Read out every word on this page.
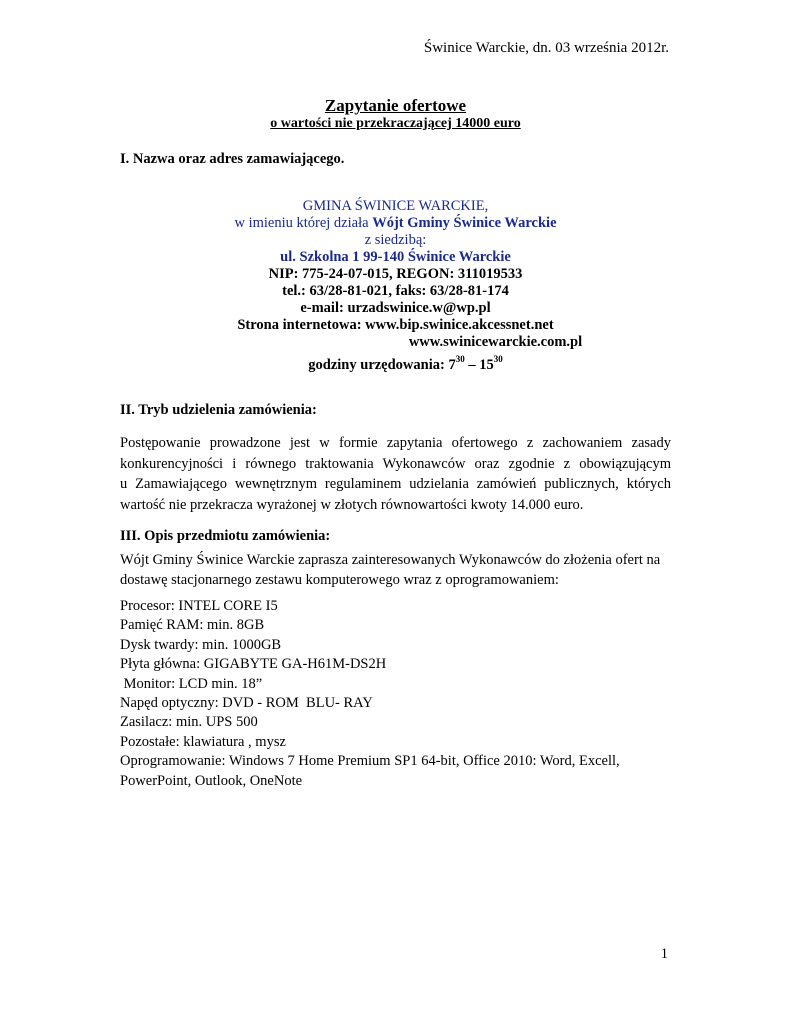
Świnice Warckie, dn. 03 września 2012r.
Zapytanie ofertowe
o wartości nie przekraczającej 14000 euro
I. Nazwa oraz adres zamawiającego.
GMINA ŚWINICE WARCKIE,
w imieniu której działa Wójt Gminy Świnice Warckie
z siedzibą:
ul. Szkolna 1 99-140 Świnice Warckie
NIP: 775-24-07-015, REGON: 311019533
tel.: 63/28-81-021, faks: 63/28-81-174
e-mail: urzadswinice.w@wp.pl
Strona internetowa: www.bip.swinice.akcessnet.net
www.swinicewarckie.com.pl
godziny urzędowania: $7^{30} - 15^{30}$
II. Tryb udzielenia zamówienia:
Postępowanie prowadzone jest w formie zapytania ofertowego z zachowaniem zasady
konkurencyjności i równego traktowania Wykonawców oraz zgodnie z obowiązującym
u Zamawiającego wewnętrznym regulaminem udzielania zamówień publicznych, których
wartość nie przekracza wyrażonej w złotych równowartości kwoty 14.000 euro.
III. Opis przedmiotu zamówienia:
Wójt Gminy Świnice Warckie zaprasza zainteresowanych Wykonawców do złożenia ofert na
dostawę stacjonarnego zestawu komputerowego wraz z oprogramowaniem:
Procesor: INTEL CORE I5
Pamięć RAM: min. 8GB
Dysk twardy: min. 1000GB
Płyta główna: GIGABYTE GA-H61M-DS2H
Monitor: LCD min. 18”
Napęd optyczny: DVD - ROM  BLU- RAY
Zasilacz: min. UPS 500
Pozostałe: klawiatura , mysz
Oprogramowanie: Windows 7 Home Premium SP1 64-bit, Office 2010: Word, Excell,
PowerPoint, Outlook, OneNote
1
